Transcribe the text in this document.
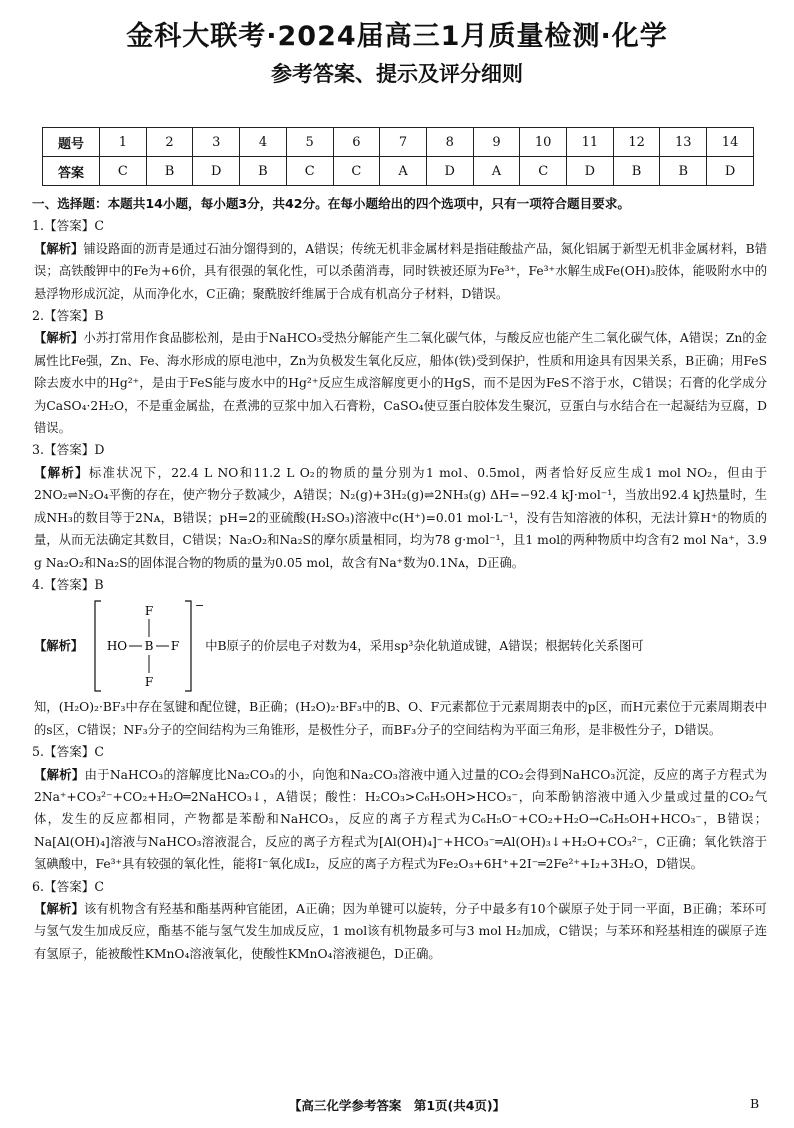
金科大联考·2024届高三1月质量检测·化学
参考答案、提示及评分细则
题号	1	2	3	4	5	6	7	8	9	10	11	12	13	14
答案	C	B	D	B	C	C	A	D	A	C	D	B	B	D
一、选择题：本题共14小题，每小题3分，共42分。在每小题给出的四个选项中，只有一项符合题目要求。
1.【答案】C
【解析】铺设路面的沥青是通过石油分馏得到的，A错误；传统无机非金属材料是指硅酸盐产品，氮化铝属于新型无机非金属材料，B错误；高铁酸钾中的Fe为+6价，具有很强的氧化性，可以杀菌消毒，同时铁被还原为Fe³⁺，Fe³⁺水解生成Fe(OH)₃胶体，能吸附水中的悬浮物形成沉淀，从而净化水，C正确；聚酰胺纤维属于合成有机高分子材料，D错误。
2.【答案】B
【解析】小苏打常用作食品膨松剂，是由于NaHCO₃受热分解能产生二氧化碳气体，与酸反应也能产生二氧化碳气体，A错误；Zn的金属性比Fe强，Zn、Fe、海水形成的原电池中，Zn为负极发生氧化反应，船体(铁)受到保护，性质和用途具有因果关系，B正确；用FeS除去废水中的Hg²⁺，是由于FeS能与废水中的Hg²⁺反应生成溶解度更小的HgS，而不是因为FeS不溶于水，C错误；石膏的化学成分为CaSO₄·2H₂O，不是重金属盐，在煮沸的豆浆中加入石膏粉，CaSO₄使豆蛋白胶体发生聚沉，豆蛋白与水结合在一起凝结为豆腐，D错误。
3.【答案】D
【解析】标准状况下，22.4 L NO和11.2 L O₂的物质的量分别为1 mol、0.5mol，两者恰好反应生成1 mol NO₂，但由于2NO₂⇌N₂O₄平衡的存在，使产物分子数减少，A错误；N₂(g)+3H₂(g)⇌2NH₃(g) ΔH=−92.4 kJ·mol⁻¹，当放出92.4 kJ热量时，生成NH₃的数目等于2Nᴀ，B错误；pH=2的亚硫酸(H₂SO₃)溶液中c(H⁺)=0.01 mol·L⁻¹，没有告知溶液的体积，无法计算H⁺的物质的量，从而无法确定其数目，C错误；Na₂O₂和Na₂S的摩尔质量相同，均为78 g·mol⁻¹，且1 mol的两种物质中均含有2 mol Na⁺，3.9 g Na₂O₂和Na₂S的固体混合物的物质的量为0.05 mol，故含有Na⁺数为0.1Nᴀ，D正确。
4.【答案】B
【解析】
−
F
HO B F
F
中B原子的价层电子对数为4，采用sp³杂化轨道成键，A错误；根据转化关系图可
知，(H₂O)₂·BF₃中存在氢键和配位键，B正确；(H₂O)₂·BF₃中的B、O、F元素都位于元素周期表中的p区，而H元素位于元素周期表中的s区，C错误；NF₃分子的空间结构为三角锥形，是极性分子，而BF₃分子的空间结构为平面三角形，是非极性分子，D错误。
5.【答案】C
【解析】由于NaHCO₃的溶解度比Na₂CO₃的小，向饱和Na₂CO₃溶液中通入过量的CO₂会得到NaHCO₃沉淀，反应的离子方程式为2Na⁺+CO₃²⁻+CO₂+H₂O═2NaHCO₃↓，A错误；酸性：H₂CO₃>C₆H₅OH>HCO₃⁻，向苯酚钠溶液中通入少量或过量的CO₂气体，发生的反应都相同，产物都是苯酚和NaHCO₃，反应的离子方程式为C₆H₅O⁻+CO₂+H₂O→C₆H₅OH+HCO₃⁻，B错误；Na[Al(OH)₄]溶液与NaHCO₃溶液混合，反应的离子方程式为[Al(OH)₄]⁻+HCO₃⁻═Al(OH)₃↓+H₂O+CO₃²⁻，C正确；氧化铁溶于氢碘酸中，Fe³⁺具有较强的氧化性，能将I⁻氧化成I₂，反应的离子方程式为Fe₂O₃+6H⁺+2I⁻═2Fe²⁺+I₂+3H₂O，D错误。
6.【答案】C
【解析】该有机物含有羟基和酯基两种官能团，A正确；因为单键可以旋转，分子中最多有10个碳原子处于同一平面，B正确；苯环可与氢气发生加成反应，酯基不能与氢气发生加成反应，1 mol该有机物最多可与3 mol H₂加成，C错误；与苯环和羟基相连的碳原子连有氢原子，能被酸性KMnO₄溶液氧化，使酸性KMnO₄溶液褪色，D正确。
【高三化学参考答案　第1页(共4页)】	B
